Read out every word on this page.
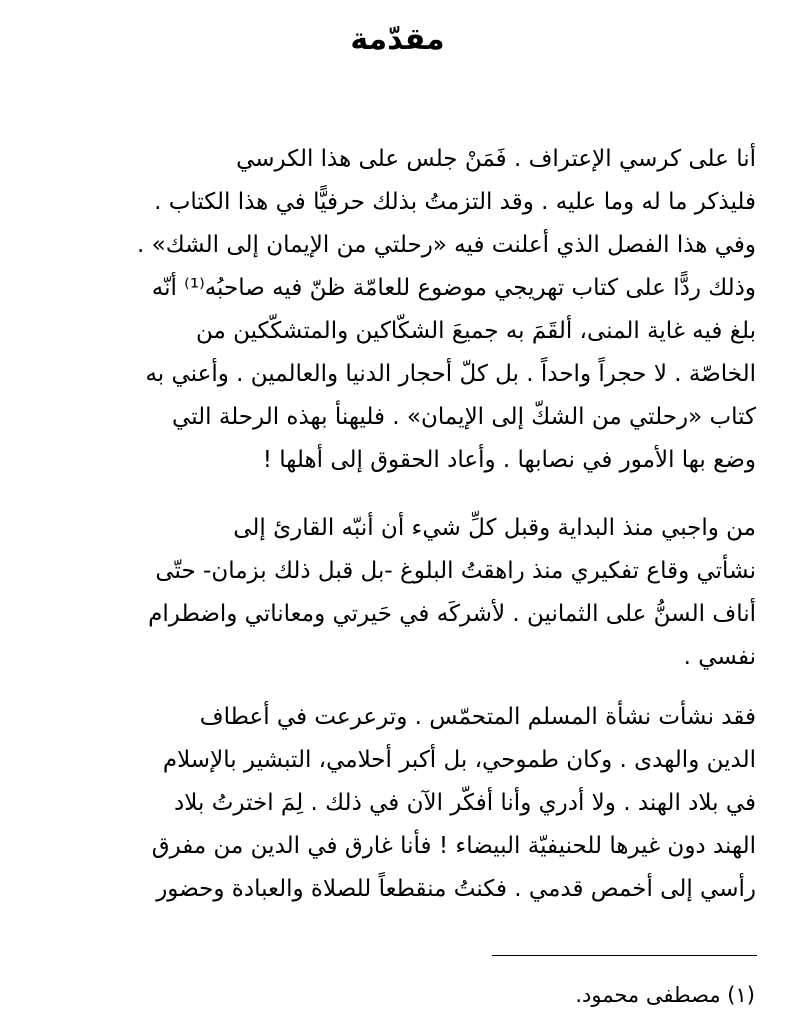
مقدّمة
أنا على كرسي الإعتراف . فَمَنْ جلس على هذا الكرسي
فليذكر ما له وما عليه . وقد التزمتُ بذلك حرفيًّا في هذا الكتاب .
وفي هذا الفصل الذي أعلنت فيه «رحلتي من الإيمان إلى الشك» .
وذلك ردًّا على كتاب تهريجي موضوع للعامّة ظنّ فيه صاحبُه⁽¹⁾ أنّه
بلغ فيه غاية المنى، ألقَمَ به جميعَ الشكّاكين والمتشكّكين من
الخاصّة . لا حجراً واحداً . بل كلّ أحجار الدنيا والعالمين . وأعني به
كتاب «رحلتي من الشكّ إلى الإيمان» . فليهنأ بهذه الرحلة التي
وضع بها الأمور في نصابها . وأعاد الحقوق إلى أهلها !
من واجبي منذ البداية وقبل كلِّ شيء أن أنبّه القارئ إلى
نشأتي وقاع تفكيري منذ راهقتُ البلوغ -بل قبل ذلك بزمان- حتّى
أناف السنُّ على الثمانين . لأشركَه في حَيرتي ومعاناتي واضطرام
نفسي .
فقد نشأت نشأة المسلم المتحمّس . وترعرعت في أعطاف
الدين والهدى . وكان طموحي، بل أكبر أحلامي، التبشير بالإسلام
في بلاد الهند . ولا أدري وأنا أفكّر الآن في ذلك . لِمَ اخترتُ بلاد
الهند دون غيرها للحنيفيّة البيضاء ! فأنا غارق في الدين من مفرق
رأسي إلى أخمص قدمي . فكنتُ منقطعاً للصلاة والعبادة وحضور
(١) مصطفى محمود.
